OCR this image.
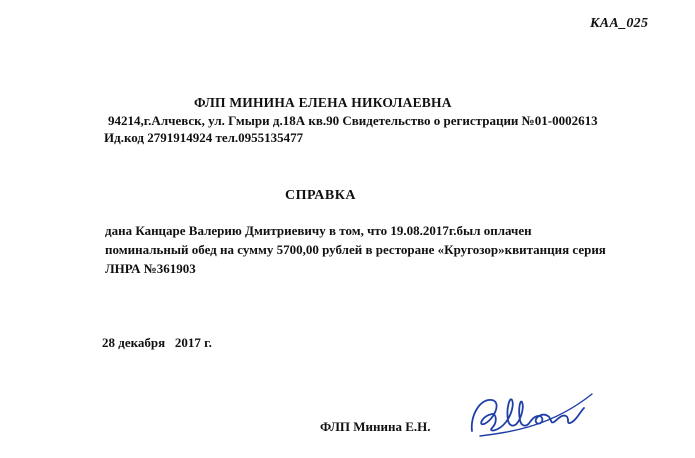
КАА_025
ФЛП МИНИНА ЕЛЕНА НИКОЛАЕВНА
94214,г.Алчевск, ул. Гмыри д.18А кв.90 Свидетельство о регистрации №01-0002613
Ид.код 2791914924 тел.0955135477
СПРАВКА
дана Канцаре Валерию Дмитриевичу в том, что 19.08.2017г.был оплачен
поминальный обед на сумму 5700,00 рублей в ресторане «Кругозор»квитанция серия
ЛНРА №361903
28 декабря   2017 г.
ФЛП Минина Е.Н.
